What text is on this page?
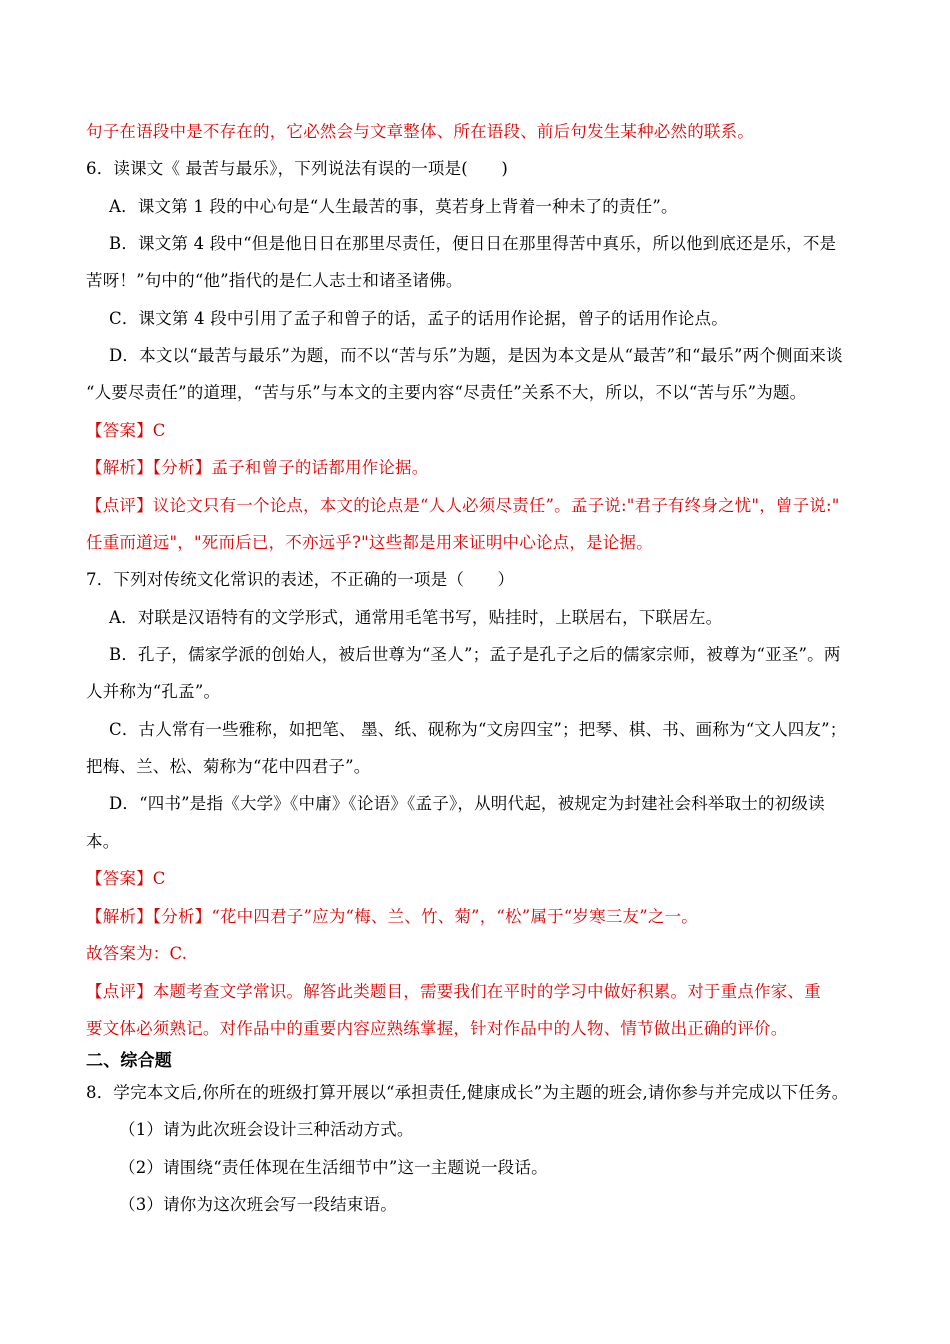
句子在语段中是不存在的，它必然会与文章整体、所在语段、前后句发生某种必然的联系。
6．读课文《 最苦与最乐》，下列说法有误的一项是(　　)
A．课文第 1 段的中心句是“人生最苦的事，莫若身上背着一种未了的责任”。
B．课文第 4 段中“但是他日日在那里尽责任，便日日在那里得苦中真乐，所以他到底还是乐，不是
苦呀！”句中的“他”指代的是仁人志士和诸圣诸佛。
C．课文第 4 段中引用了孟子和曾子的话，孟子的话用作论据，曾子的话用作论点。
D．本文以“最苦与最乐”为题，而不以“苦与乐”为题，是因为本文是从“最苦”和“最乐”两个侧面来谈
“人要尽责任”的道理，“苦与乐”与本文的主要内容“尽责任”关系不大，所以，不以“苦与乐”为题。
【答案】C
【解析】【分析】孟子和曾子的话都用作论据。
【点评】议论文只有一个论点，本文的论点是“人人必须尽责任”。孟子说:"君子有终身之忧"，曾子说:"
任重而道远"，"死而后已，不亦远乎?"这些都是用来证明中心论点，是论据。
7．下列对传统文化常识的表述，不正确的一项是（　　）
A．对联是汉语特有的文学形式，通常用毛笔书写，贴挂时，上联居右，下联居左。
B．孔子，儒家学派的创始人，被后世尊为“圣人”；孟子是孔子之后的儒家宗师，被尊为“亚圣”。两
人并称为“孔孟”。
C．古人常有一些雅称，如把笔、 墨、纸、砚称为“文房四宝”；把琴、棋、书、画称为“文人四友”；
把梅、兰、松、菊称为“花中四君子”。
D．“四书”是指《大学》《中庸》《论语》《孟子》，从明代起，被规定为封建社会科举取士的初级读
本。
【答案】C
【解析】【分析】“花中四君子”应为“梅、兰、竹、菊”，“松”属于“岁寒三友”之一。
故答案为：C.
【点评】本题考查文学常识。解答此类题目，需要我们在平时的学习中做好积累。对于重点作家、重
要文体必须熟记。对作品中的重要内容应熟练掌握，针对作品中的人物、情节做出正确的评价。
二、综合题
8．学完本文后,你所在的班级打算开展以“承担责任,健康成长”为主题的班会,请你参与并完成以下任务。
（1）请为此次班会设计三种活动方式。
（2）请围绕“责任体现在生活细节中”这一主题说一段话。
（3）请你为这次班会写一段结束语。
